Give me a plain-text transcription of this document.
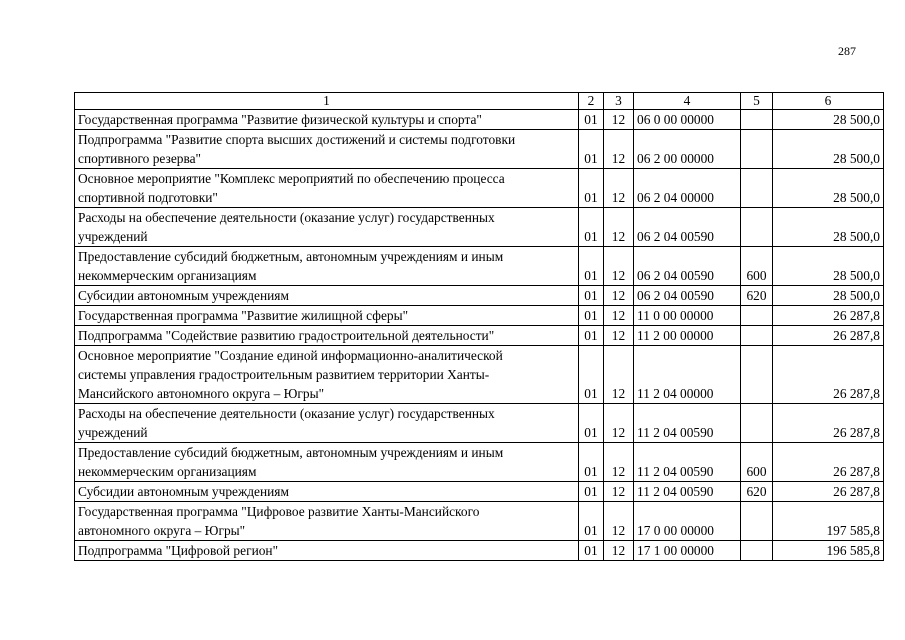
287
1	2	3	4	5	6

Государственная программа "Развитие физической культуры и спорта"	01	12	06 0 00 00000		28 500,0

Подпрограмма "Развитие спорта высших достижений и системы подготовки
спортивного резерва"	01	12	06 2 00 00000		28 500,0

Основное мероприятие "Комплекс мероприятий по обеспечению процесса
спортивной подготовки"	01	12	06 2 04 00000		28 500,0

Расходы на обеспечение деятельности (оказание услуг) государственных
учреждений	01	12	06 2 04 00590		28 500,0

Предоставление субсидий бюджетным, автономным учреждениям и иным
некоммерческим организациям	01	12	06 2 04 00590	600	28 500,0

Субсидии автономным учреждениям	01	12	06 2 04 00590	620	28 500,0

Государственная программа "Развитие жилищной сферы"	01	12	11 0 00 00000		26 287,8

Подпрограмма "Содействие развитию градостроительной деятельности"	01	12	11 2 00 00000		26 287,8

Основное мероприятие "Создание единой информационно-аналитической
системы управления градостроительным развитием территории Ханты-
Мансийского автономного округа – Югры"	01	12	11 2 04 00000		26 287,8

Расходы на обеспечение деятельности (оказание услуг) государственных
учреждений	01	12	11 2 04 00590		26 287,8

Предоставление субсидий бюджетным, автономным учреждениям и иным
некоммерческим организациям	01	12	11 2 04 00590	600	26 287,8

Субсидии автономным учреждениям	01	12	11 2 04 00590	620	26 287,8

Государственная программа "Цифровое развитие Ханты-Мансийского
автономного округа – Югры"	01	12	17 0 00 00000		197 585,8

Подпрограмма "Цифровой регион"	01	12	17 1 00 00000		196 585,8
